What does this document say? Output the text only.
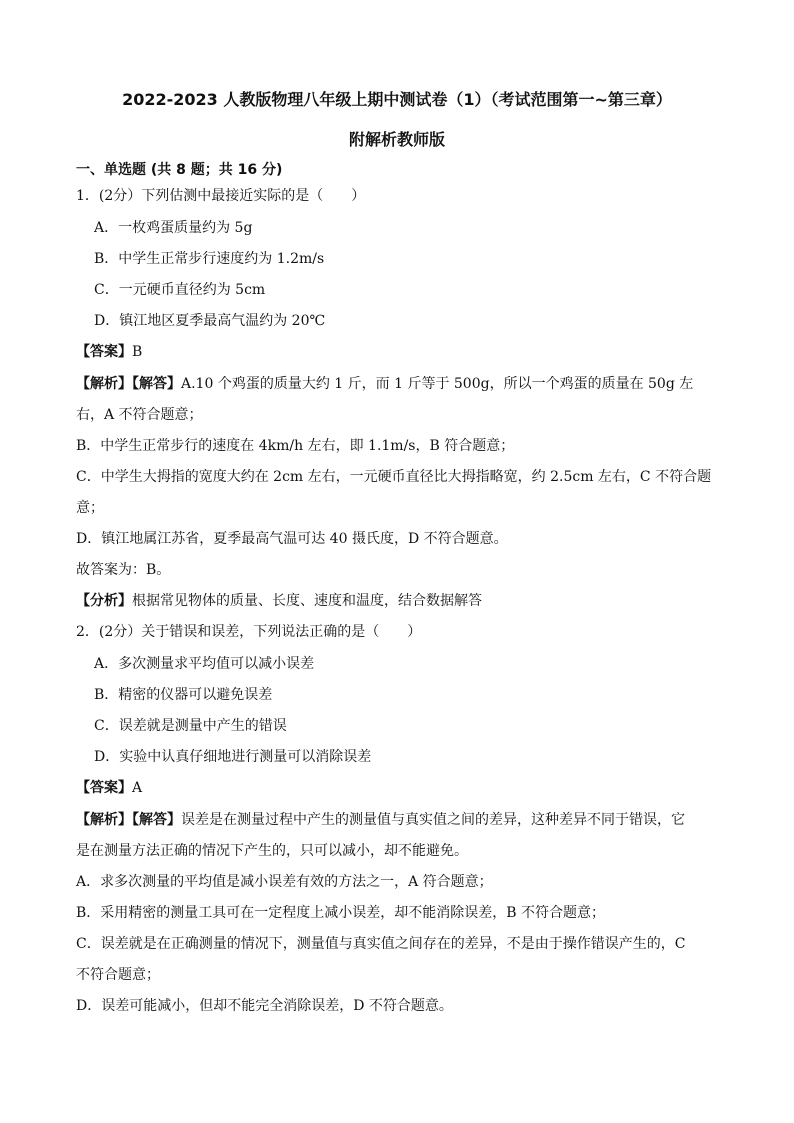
2022-2023 人教版物理八年级上期中测试卷（1）（考试范围第一~第三章）
附解析教师版
一、单选题 (共 8 题；共 16 分)
1．(2分）下列估测中最接近实际的是（　　）
A．一枚鸡蛋质量约为 5g
B．中学生正常步行速度约为 1.2m/s
C．一元硬币直径约为 5cm
D．镇江地区夏季最高气温约为 20℃
【答案】B
【解析】【解答】A.10 个鸡蛋的质量大约 1 斤，而 1 斤等于 500g，所以一个鸡蛋的质量在 50g 左
右，A 不符合题意；
B．中学生正常步行的速度在 4km/h 左右，即 1.1m/s，B 符合题意；
C．中学生大拇指的宽度大约在 2cm 左右，一元硬币直径比大拇指略宽，约 2.5cm 左右，C 不符合题
意；
D．镇江地属江苏省，夏季最高气温可达 40 摄氏度，D 不符合题意。
故答案为：B。
【分析】根据常见物体的质量、长度、速度和温度，结合数据解答
2．(2分）关于错误和误差，下列说法正确的是（　　）
A．多次测量求平均值可以减小误差
B．精密的仪器可以避免误差
C．误差就是测量中产生的错误
D．实验中认真仔细地进行测量可以消除误差
【答案】A
【解析】【解答】误差是在测量过程中产生的测量值与真实值之间的差异，这种差异不同于错误，它
是在测量方法正确的情况下产生的，只可以减小，却不能避免。
A．求多次测量的平均值是减小误差有效的方法之一，A 符合题意；
B．采用精密的测量工具可在一定程度上减小误差，却不能消除误差，B 不符合题意；
C．误差就是在正确测量的情况下，测量值与真实值之间存在的差异，不是由于操作错误产生的，C
不符合题意；
D．误差可能减小，但却不能完全消除误差，D 不符合题意。
